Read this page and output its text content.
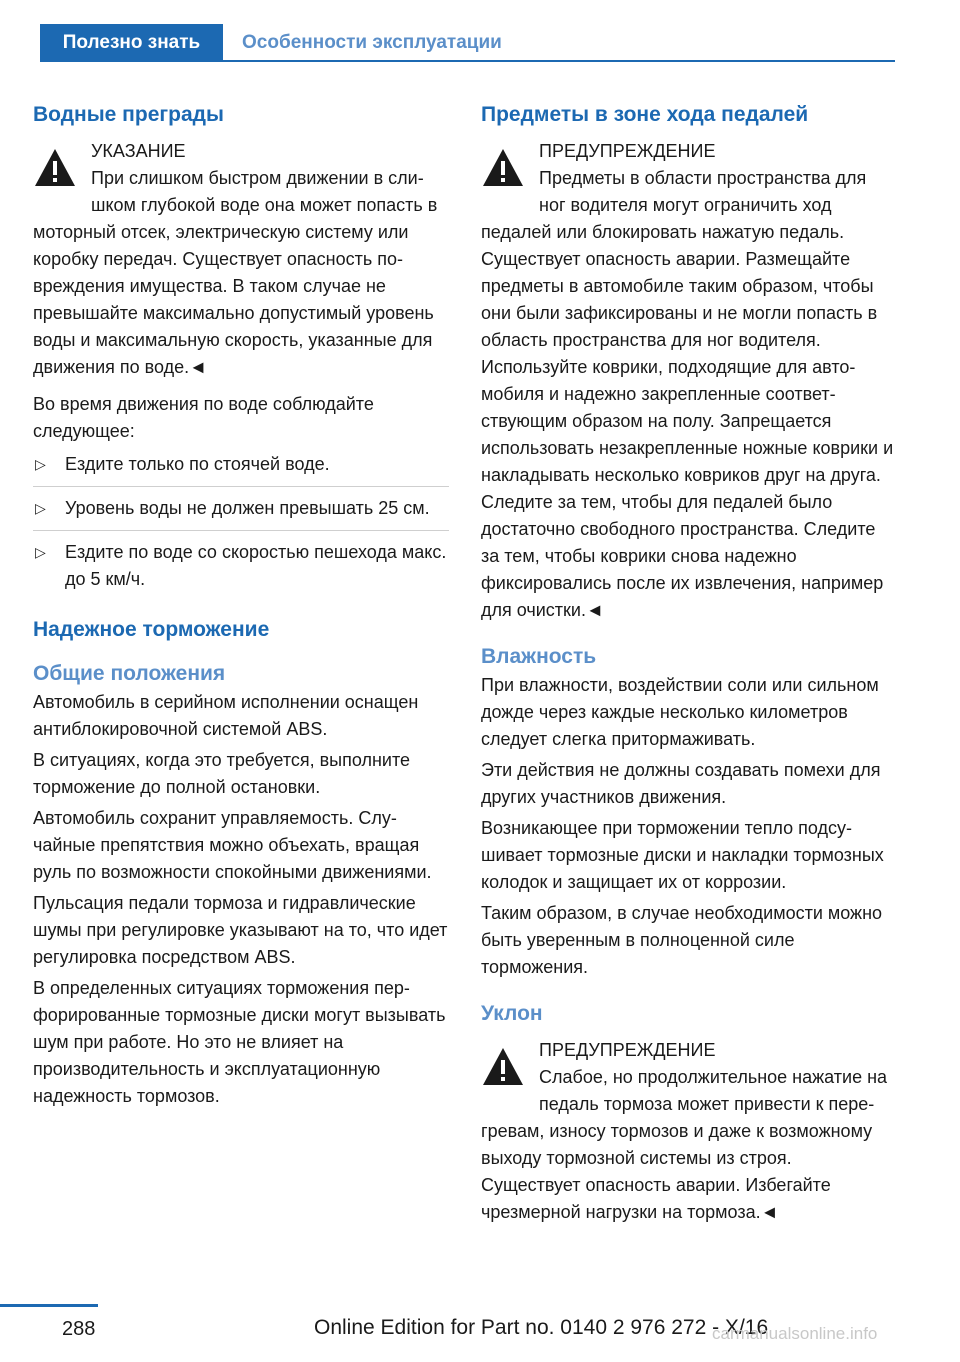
Полезно знать	Особенности эксплуатации
Водные преграды
УКАЗАНИЕ
При слишком быстром движении в слишком глубокой воде она может попасть в моторный отсек, электрическую систему или коробку передач. Существует опасность повреждения имущества. В таком случае не превышайте максимально допустимый уровень воды и максимальную скорость, указанные для движения по воде.◄

Во время движения по воде соблюдайте следующее:

▷ Ездите только по стоячей воде.
▷ Уровень воды не должен превышать 25 см.
▷ Ездите по воде со скоростью пешехода макс. до 5 км/ч.
Надежное торможение
Общие положения

Автомобиль в серийном исполнении оснащен антиблокировочной системой ABS.

В ситуациях, когда это требуется, выполните торможение до полной остановки.

Автомобиль сохранит управляемость. Случайные препятствия можно объехать, вращая руль по возможности спокойными движениями.

Пульсация педали тормоза и гидравлические шумы при регулировке указывают на то, что идет регулировка посредством ABS.

В определенных ситуациях торможения перфорированные тормозные диски могут вызывать шум при работе. Но это не влияет на производительность и эксплуатационную надежность тормозов.

Предметы в зоне хода педалей
ПРЕДУПРЕЖДЕНИЕ
Предметы в области пространства для ног водителя могут ограничить ход педалей или блокировать нажатую педаль. Существует опасность аварии. Размещайте предметы в автомобиле таким образом, чтобы они были зафиксированы и не могли попасть в область пространства для ног водителя. Используйте коврики, подходящие для автомобиля и надежно закрепленные соответствующим образом на полу. Запрещается использовать незакрепленные ножные коврики и накладывать несколько ковриков друг на друга. Следите за тем, чтобы для педалей было достаточно свободного пространства. Следите за тем, чтобы коврики снова надежно фиксировались после их извлечения, например для очистки.◄
Влажность

При влажности, воздействии соли или сильном дожде через каждые несколько километров следует слегка притормаживать.

Эти действия не должны создавать помехи для других участников движения.

Возникающее при торможении тепло подсушивает тормозные диски и накладки тормозных колодок и защищает их от коррозии.

Таким образом, в случае необходимости можно быть уверенным в полноценной силе торможения.

Уклон
ПРЕДУПРЕЖДЕНИЕ
Слабое, но продолжительное нажатие на педаль тормоза может привести к перегревам, износу тормозов и даже к возможному выходу тормозной системы из строя. Существует опасность аварии. Избегайте чрезмерной нагрузки на тормоза.◄
288	Online Edition for Part no. 0140 2 976 272 - X/16
carmanualsonline.info
